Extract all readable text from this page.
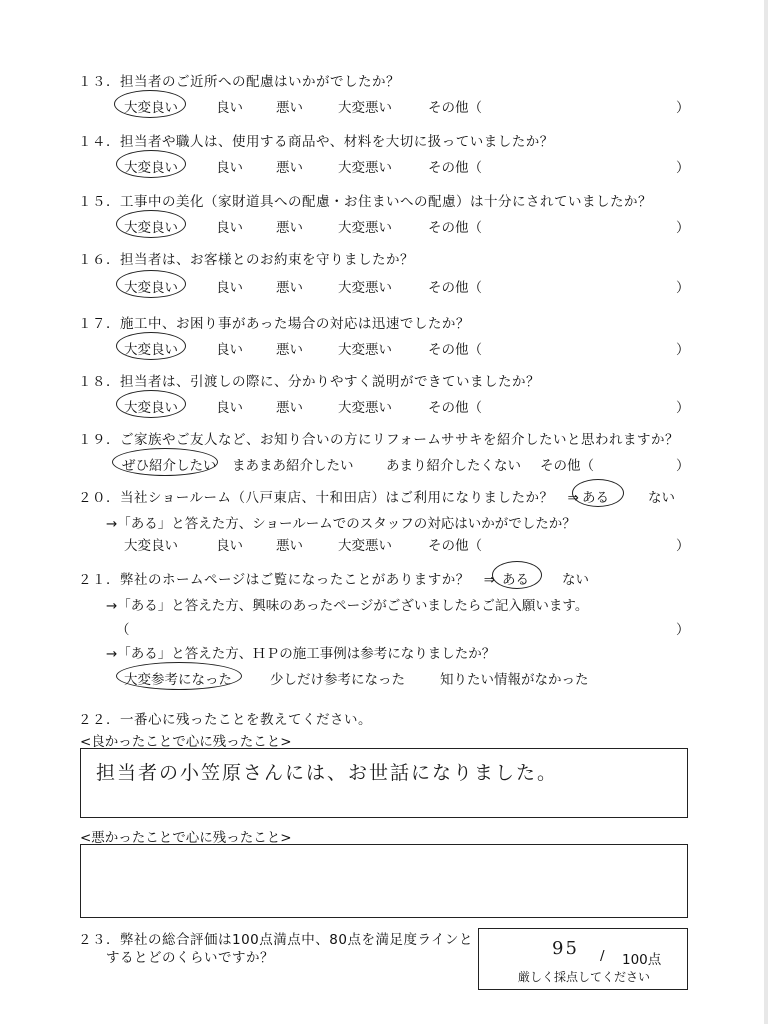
１３．担当者のご近所への配慮はいかがでしたか？
大変良い	良い 悪い	大変悪い	その他（	）
１４．担当者や職人は、使用する商品や、材料を大切に扱っていましたか？
大変良い	良い 悪い	大変悪い	その他（	）
１５．工事中の美化（家財道具への配慮・お住まいへの配慮）は十分にされていましたか？
大変良い	良い 悪い	大変悪い	その他（	）
１６．担当者は、お客様とのお約束を守りましたか？
大変良い	良い 悪い	大変悪い	その他（	）
１７．施工中、お困り事があった場合の対応は迅速でしたか？
大変良い	良い 悪い	大変悪い	その他（	）
１８．担当者は、引渡しの際に、分かりやすく説明ができていましたか？
大変良い	良い 悪い	大変悪い	その他（	）
１９．ご家族やご友人など、お知り合いの方にリフォームササキを紹介したいと思われますか？
ぜひ紹介したい まあまあ紹介したい あまり紹介したくない その他（	）
２０．当社ショールーム（八戸東店、十和田店）はご利用になりましたか？　⇒ ある	ない
→「ある」と答えた方、ショールームでのスタッフの対応はいかがでしたか？
大変良い	良い 悪い	大変悪い	その他（	）
２１．弊社のホームページはご覧になったことがありますか？　⇒ ある ない
→「ある」と答えた方、興味のあったページがございましたらご記入願います。
（	）
→「ある」と答えた方、ＨＰの施工事例は参考になりましたか？
大変参考になった	少しだけ参考になった	知りたい情報がなかった
２２．一番心に残ったことを教えてください。
<良かったことで心に残ったこと>
担当者の小笠原さんには、お世話になりました。
<悪かったことで心に残ったこと>
２３．弊社の総合評価は100点満点中、80点を満足度ラインと
するとどのくらいですか？	95 / 100点
厳しく採点してください
